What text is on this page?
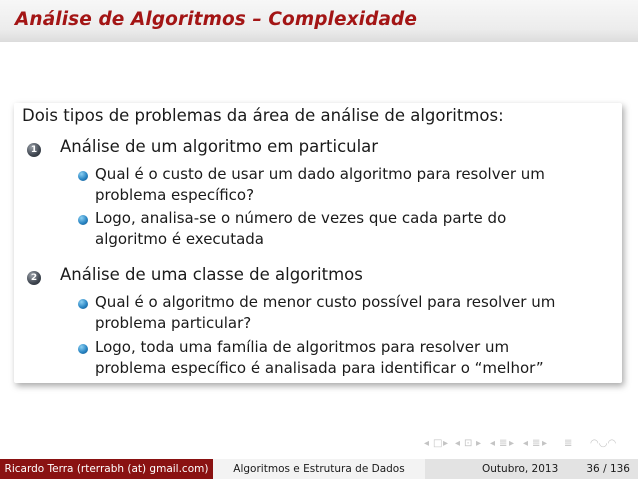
Análise de Algoritmos – Complexidade
Dois tipos de problemas da área de análise de algoritmos:
1 Análise de um algoritmo em particular
Qual é o custo de usar um dado algoritmo para resolver um
problema específico?
Logo, analisa-se o número de vezes que cada parte do
algoritmo é executada
2 Análise de uma classe de algoritmos
Qual é o algoritmo de menor custo possível para resolver um
problema particular?
Logo, toda uma família de algoritmos para resolver um
problema específico é analisada para identificar o “melhor”
◂ □ ▸ ◂ ⊡ ▸ ◂ ≣ ▸ ◂ ≣ ▸ ≣ ◠◡◠
Ricardo Terra (rterrabh (at) gmail.com)	Algoritmos e Estrutura de Dados	Outubro, 2013	36 / 136
